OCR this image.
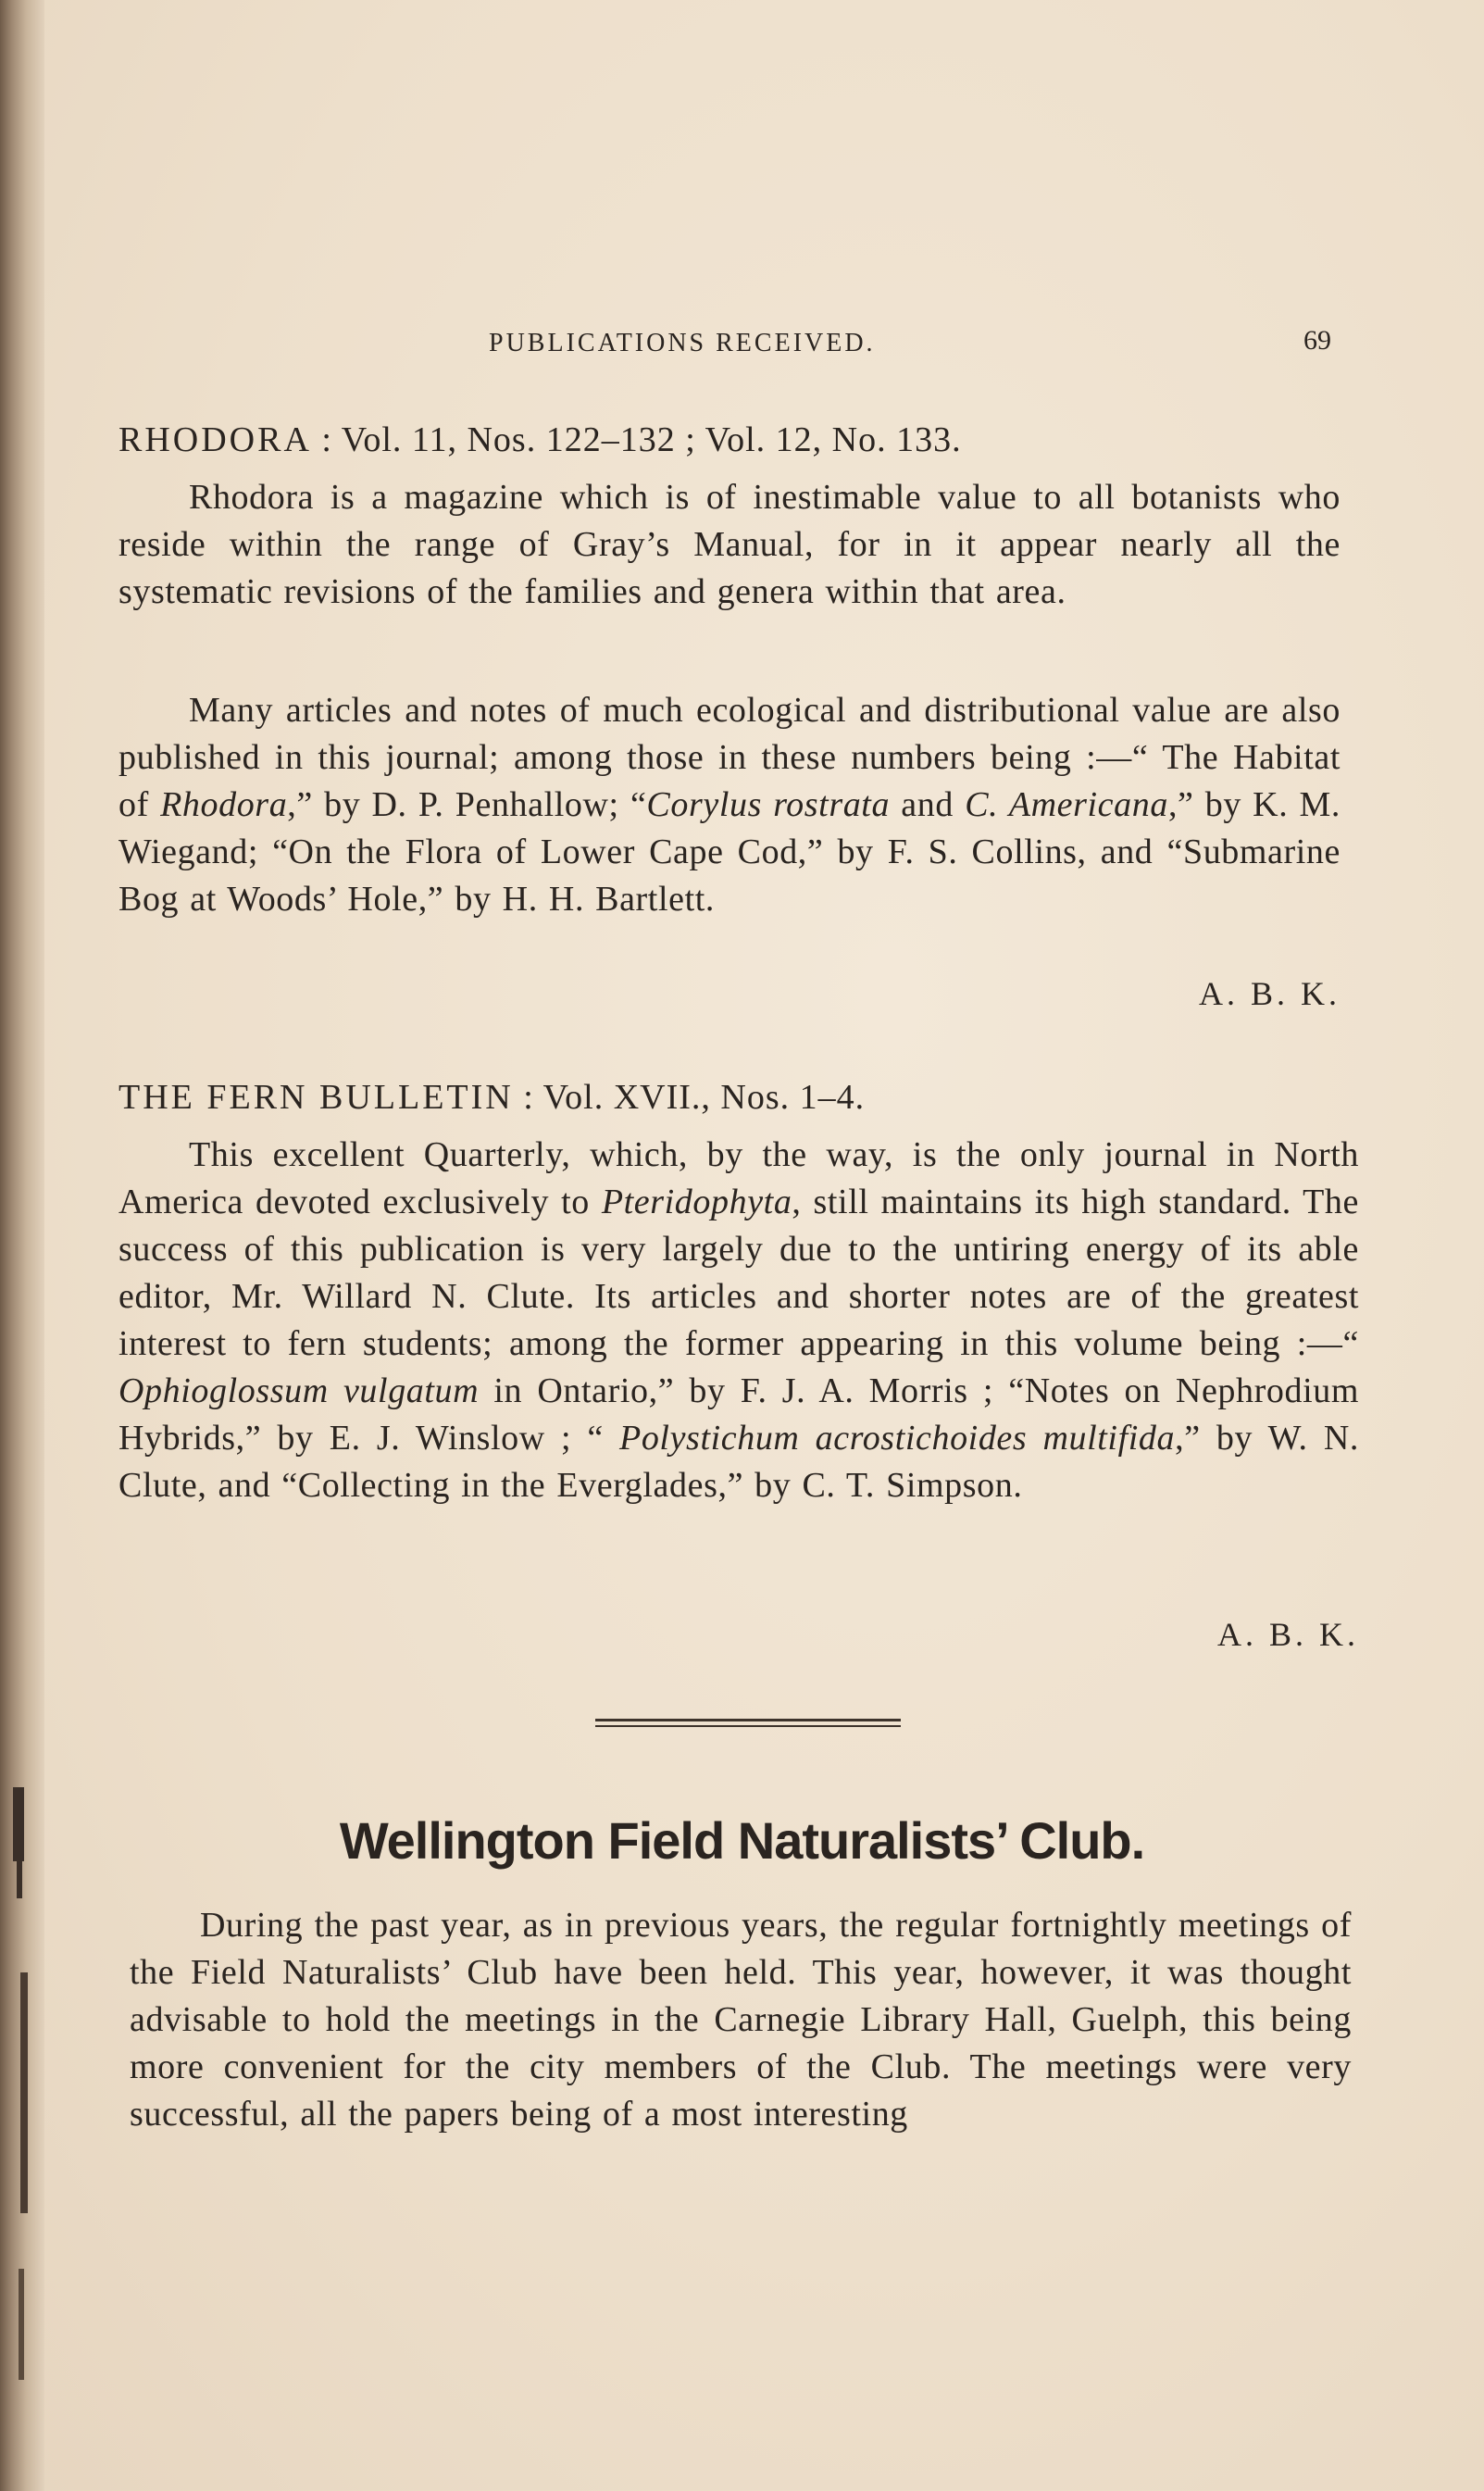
PUBLICATIONS RECEIVED.	69

RHODORA : Vol. 11, Nos. 122–132 ; Vol. 12, No. 133.

Rhodora is a magazine which is of inestimable value to all botanists who reside within the range of Gray’s Manual, for in it appear nearly all the systematic revisions of the families and genera within that area.

Many articles and notes of much ecological and distributional value are also published in this journal; among those in these numbers being :—“ The Habitat of Rhodora,” by D. P. Penhallow; “Corylus rostrata and C. Americana,” by K. M. Wiegand; “On the Flora of Lower Cape Cod,” by F. S. Collins, and “Submarine Bog at Woods’ Hole,” by H. H. Bartlett.

A. B. K.

THE FERN BULLETIN : Vol. XVII., Nos. 1–4.

This excellent Quarterly, which, by the way, is the only journal in North America devoted exclusively to Pteridophyta, still maintains its high standard. The success of this publication is very largely due to the untiring energy of its able editor, Mr. Willard N. Clute. Its articles and shorter notes are of the greatest interest to fern students; among the former appearing in this volume being :—“ Ophioglossum vulgatum in Ontario,” by F. J. A. Morris ; “Notes on Nephrodium Hybrids,” by E. J. Winslow ; “ Polystichum acrostichoides multifida,” by W. N. Clute, and “Collecting in the Everglades,” by C. T. Simpson.

A. B. K.

Wellington Field Naturalists’ Club.

During the past year, as in previous years, the regular fortnightly meetings of the Field Naturalists’ Club have been held. This year, however, it was thought advisable to hold the meetings in the Carnegie Library Hall, Guelph, this being more convenient for the city members of the Club. The meetings were very successful, all the papers being of a most interesting
